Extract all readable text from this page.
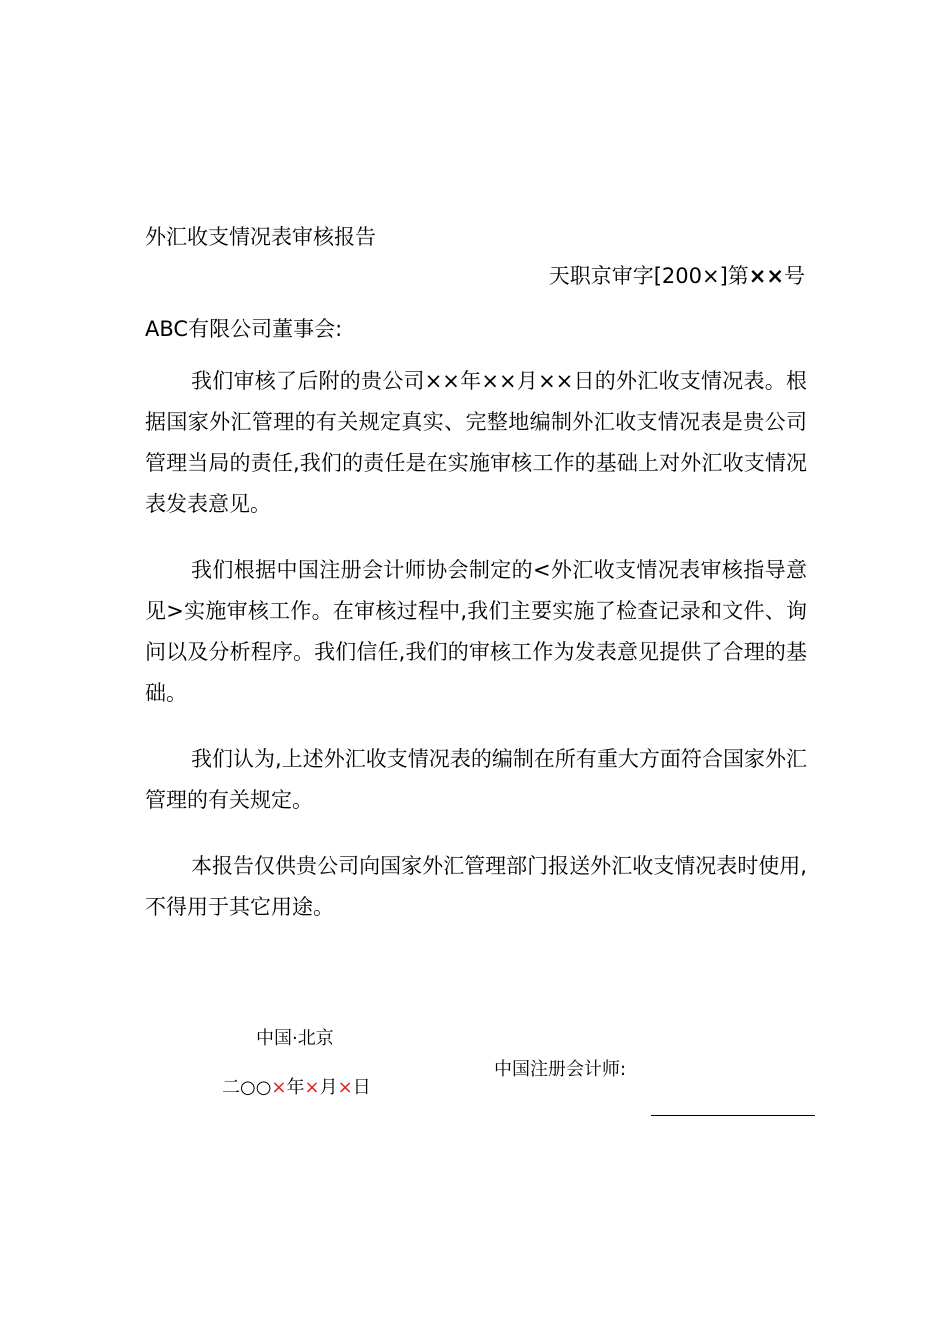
外汇收支情况表审核报告
天职京审字[200×]第××号
ABC有限公司董事会:

我们审核了后附的贵公司××年××月××日的外汇收支情况表。根据国家外汇管理的有关规定真实、完整地编制外汇收支情况表是贵公司管理当局的责任,我们的责任是在实施审核工作的基础上对外汇收支情况表发表意见。

我们根据中国注册会计师协会制定的<外汇收支情况表审核指导意见>实施审核工作。在审核过程中,我们主要实施了检查记录和文件、询问以及分析程序。我们信任,我们的审核工作为发表意见提供了合理的基础。

我们认为,上述外汇收支情况表的编制在所有重大方面符合国家外汇管理的有关规定。

本报告仅供贵公司向国家外汇管理部门报送外汇收支情况表时使用,不得用于其它用途。

中国·北京
二○○×年×月×日
中国注册会计师:
